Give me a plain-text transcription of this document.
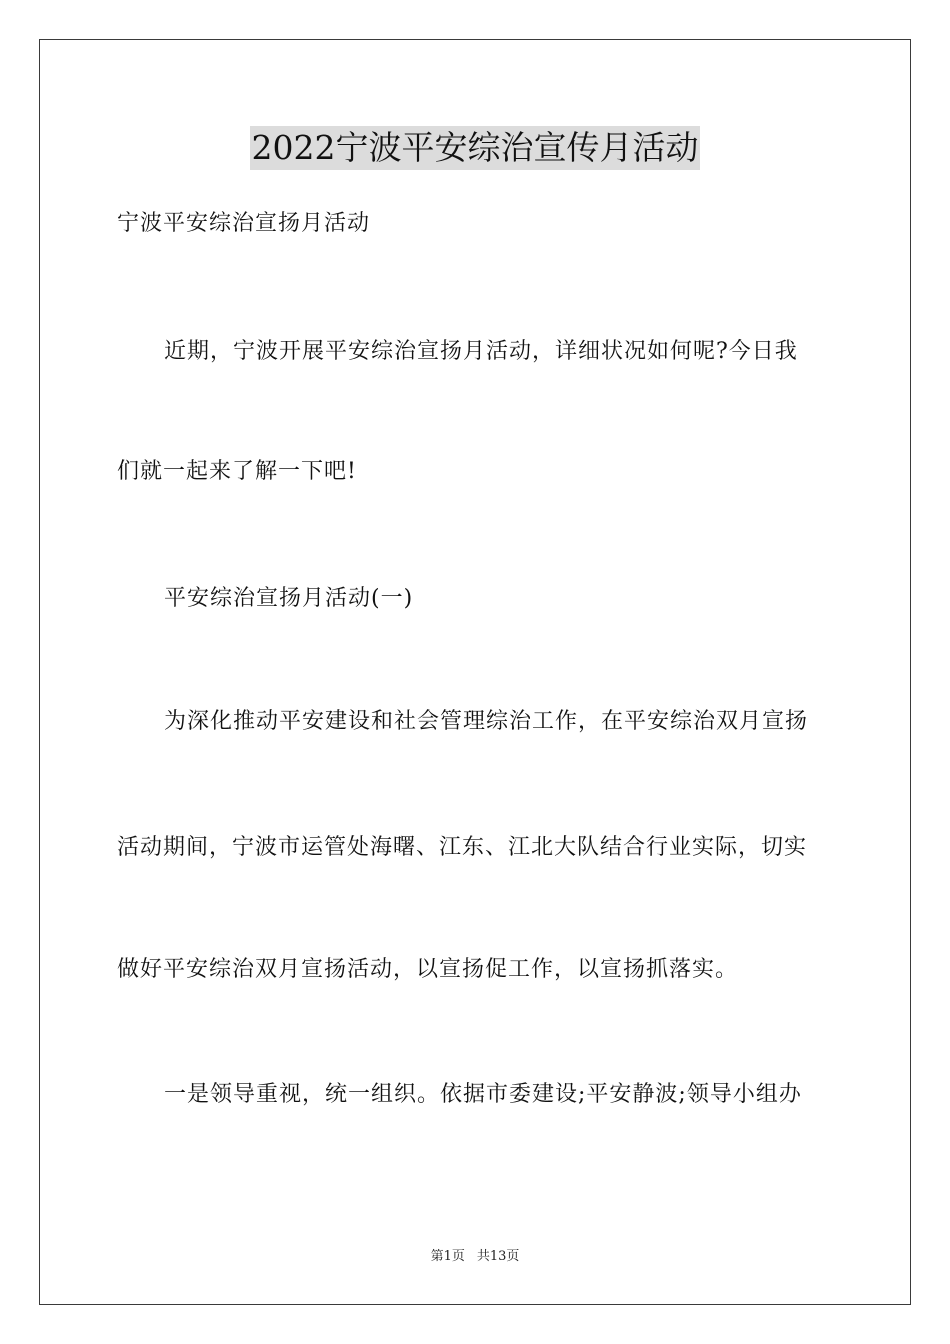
2022宁波平安综治宣传月活动
宁波平安综治宣扬月活动
近期，宁波开展平安综治宣扬月活动，详细状况如何呢?今日我
们就一起来了解一下吧!
平安综治宣扬月活动(一)
为深化推动平安建设和社会管理综治工作，在平安综治双月宣扬
活动期间，宁波市运管处海曙、江东、江北大队结合行业实际，切实
做好平安综治双月宣扬活动，以宣扬促工作，以宣扬抓落实。
一是领导重视，统一组织。依据市委建设;平安静波;领导小组办
第1页 共13页
